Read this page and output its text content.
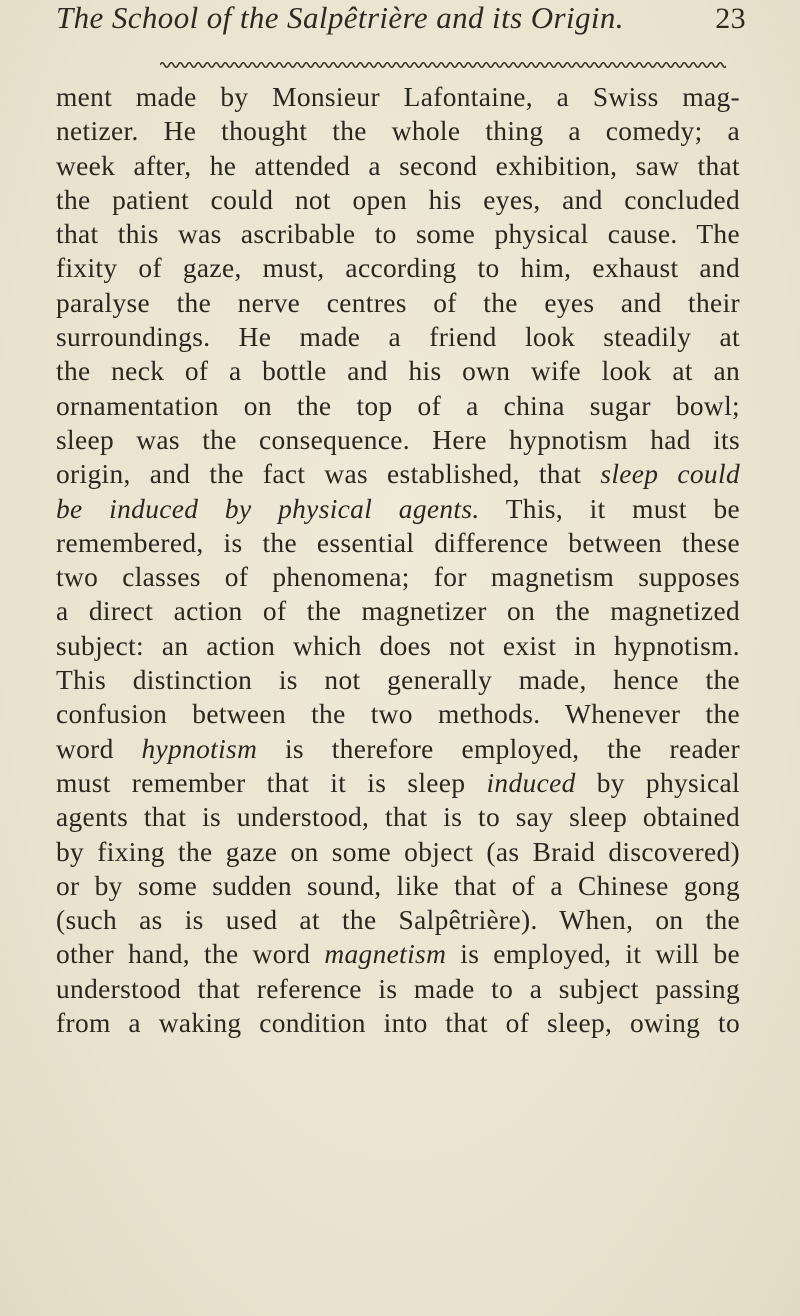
The School of the Salpêtrière and its Origin.	23
ment made by Monsieur Lafontaine, a Swiss mag-
netizer. He thought the whole thing a comedy; a
week after, he attended a second exhibition, saw that
the patient could not open his eyes, and concluded
that this was ascribable to some physical cause. The
fixity of gaze, must, according to him, exhaust and
paralyse the nerve centres of the eyes and their
surroundings. He made a friend look steadily at
the neck of a bottle and his own wife look at an
ornamentation on the top of a china sugar bowl;
sleep was the consequence. Here hypnotism had its
origin, and the fact was established, that sleep could
be induced by physical agents. This, it must be
remembered, is the essential difference between these
two classes of phenomena; for magnetism supposes
a direct action of the magnetizer on the magnetized
subject: an action which does not exist in hypnotism.
This distinction is not generally made, hence the
confusion between the two methods. Whenever the
word hypnotism is therefore employed, the reader
must remember that it is sleep induced by physical
agents that is understood, that is to say sleep obtained
by fixing the gaze on some object (as Braid discovered)
or by some sudden sound, like that of a Chinese gong
(such as is used at the Salpêtrière). When, on the
other hand, the word magnetism is employed, it will be
understood that reference is made to a subject passing
from a waking condition into that of sleep, owing to
